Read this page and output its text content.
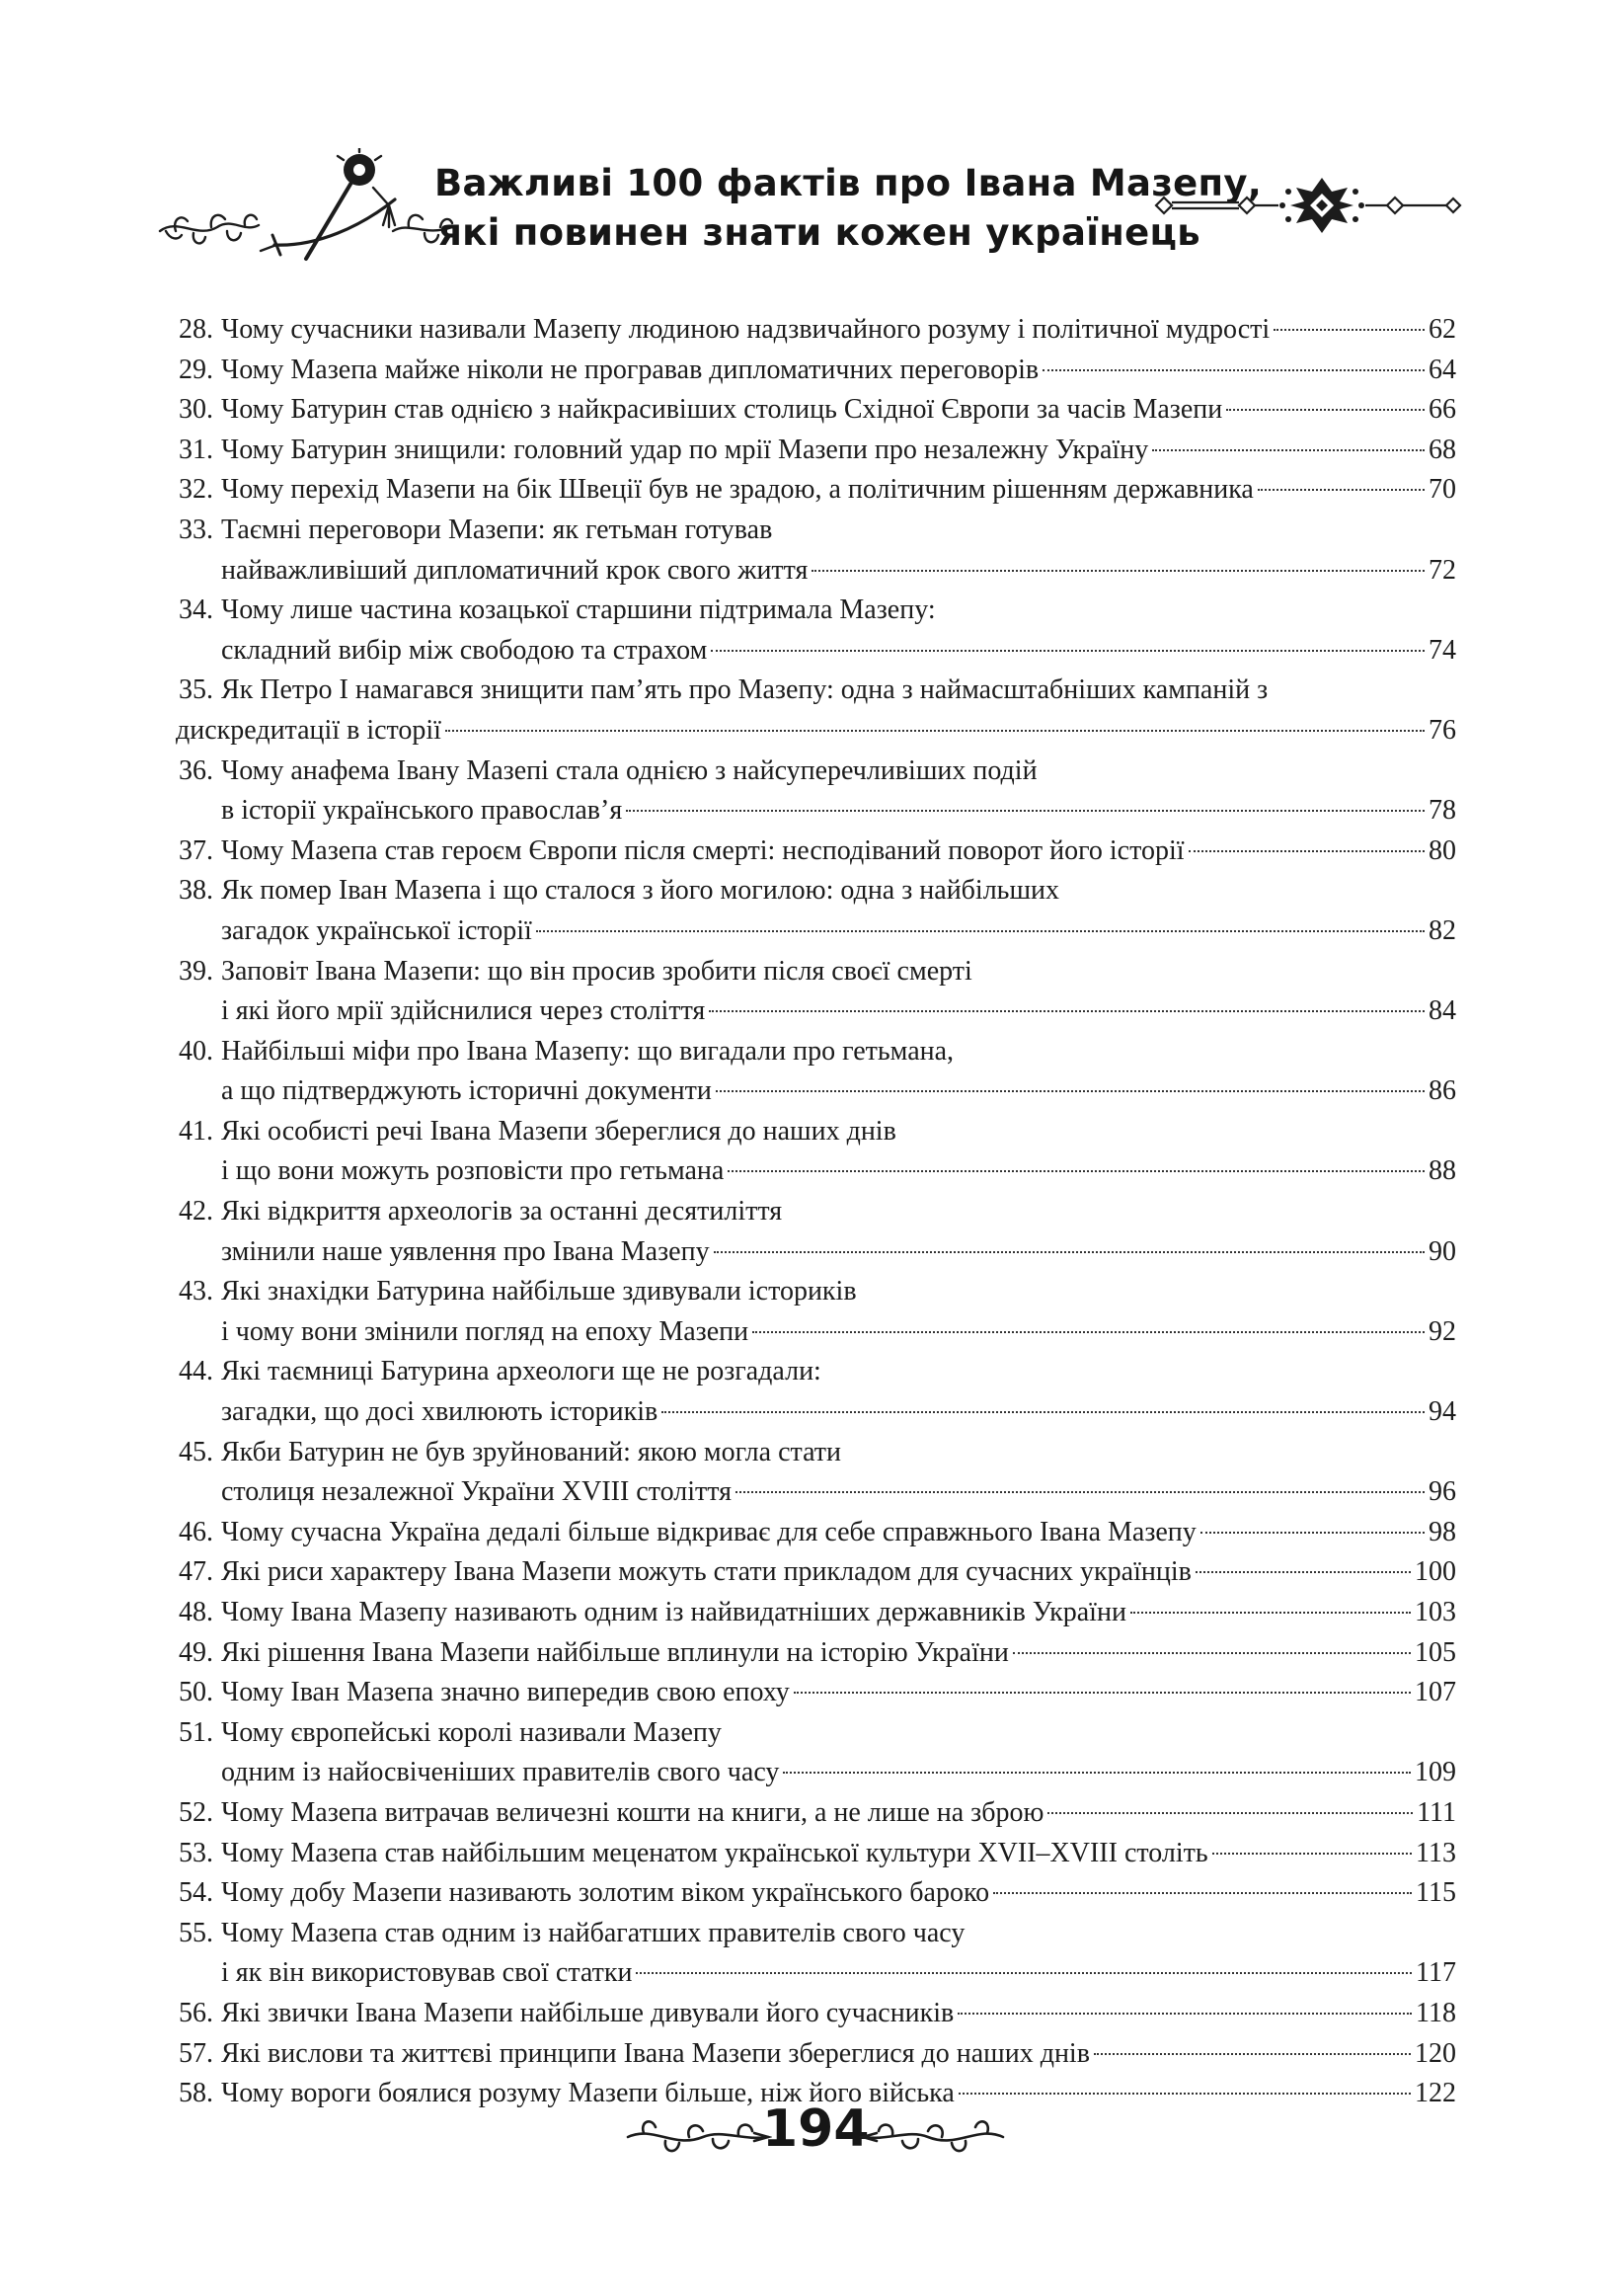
Важливі 100 фактів про Івана Мазепу,
які повинен знати кожен українець
28. Чому сучасники називали Мазепу людиною надзвичайного розуму і політичної мудрості	62
29. Чому Мазепа майже ніколи не програвав дипломатичних переговорів	64
30. Чому Батурин став однією з найкрасивіших столиць Східної Європи за часів Мазепи	66
31. Чому Батурин знищили: головний удар по мрії Мазепи про незалежну Україну	68
32. Чому перехід Мазепи на бік Швеції був не зрадою, а політичним рішенням державника	70
33. Таємні переговори Мазепи: як гетьман готував
найважливіший дипломатичний крок свого життя	72
34. Чому лише частина козацької старшини підтримала Мазепу:
складний вибір між свободою та страхом	74
35. Як Петро І намагався знищити пам’ять про Мазепу: одна з наймасштабніших кампаній з
дискредитації в історії	76
36. Чому анафема Івану Мазепі стала однією з найсуперечливіших подій
в історії українського православ’я	78
37. Чому Мазепа став героєм Європи після смерті: несподіваний поворот його історії	80
38. Як помер Іван Мазепа і що сталося з його могилою: одна з найбільших
загадок української історії	82
39. Заповіт Івана Мазепи: що він просив зробити після своєї смерті
і які його мрії здійснилися через століття	84
40. Найбільші міфи про Івана Мазепу: що вигадали про гетьмана,
а що підтверджують історичні документи	86
41. Які особисті речі Івана Мазепи збереглися до наших днів
і що вони можуть розповісти про гетьмана	88
42. Які відкриття археологів за останні десятиліття
змінили наше уявлення про Івана Мазепу	90
43. Які знахідки Батурина найбільше здивували істориків
і чому вони змінили погляд на епоху Мазепи	92
44. Які таємниці Батурина археологи ще не розгадали:
загадки, що досі хвилюють істориків	94
45. Якби Батурин не був зруйнований: якою могла стати
столиця незалежної України XVIII століття	96
46. Чому сучасна Україна дедалі більше відкриває для себе справжнього Івана Мазепу	98
47. Які риси характеру Івана Мазепи можуть стати прикладом для сучасних українців	100
48. Чому Івана Мазепу називають одним із найвидатніших державників України	103
49. Які рішення Івана Мазепи найбільше вплинули на історію України	105
50. Чому Іван Мазепа значно випередив свою епоху	107
51. Чому європейські королі називали Мазепу
одним із найосвіченіших правителів свого часу	109
52. Чому Мазепа витрачав величезні кошти на книги, а не лише на зброю	111
53. Чому Мазепа став найбільшим меценатом української культури XVII–XVIII століть	113
54. Чому добу Мазепи називають золотим віком українського бароко	115
55. Чому Мазепа став одним із найбагатших правителів свого часу
і як він використовував свої статки	117
56. Які звички Івана Мазепи найбільше дивували його сучасників	118
57. Які вислови та життєві принципи Івана Мазепи збереглися до наших днів	120
58. Чому вороги боялися розуму Мазепи більше, ніж його війська	122
194
